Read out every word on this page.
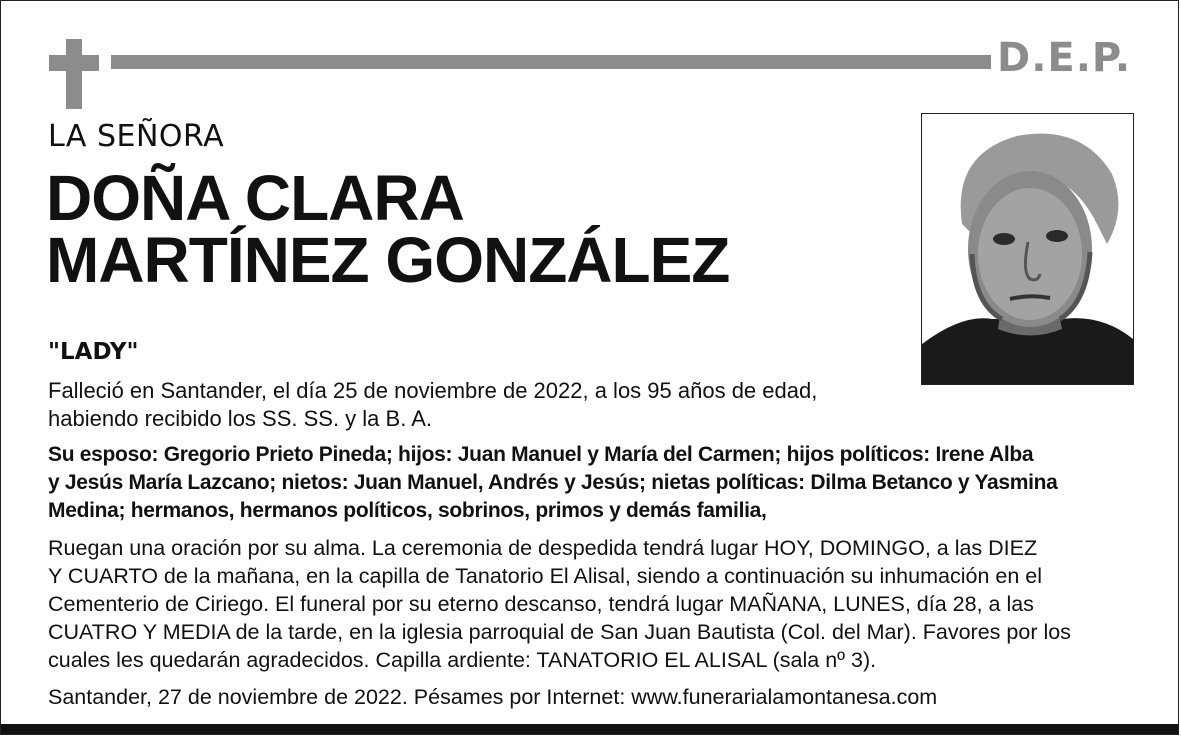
D.E.P.
LA SEÑORA
DOÑA CLARA
MARTÍNEZ GONZÁLEZ
"LADY"
Falleció en Santander, el día 25 de noviembre de 2022, a los 95 años de edad,
habiendo recibido los SS. SS. y la B. A.
Su esposo: Gregorio Prieto Pineda; hijos: Juan Manuel y María del Carmen; hijos políticos: Irene Alba
y Jesús María Lazcano; nietos: Juan Manuel, Andrés y Jesús; nietas políticas: Dilma Betanco y Yasmina
Medina; hermanos, hermanos políticos, sobrinos, primos y demás familia,
Ruegan una oración por su alma. La ceremonia de despedida tendrá lugar HOY, DOMINGO, a las DIEZ
Y CUARTO de la mañana, en la capilla de Tanatorio El Alisal, siendo a continuación su inhumación en el
Cementerio de Ciriego. El funeral por su eterno descanso, tendrá lugar MAÑANA, LUNES, día 28, a las
CUATRO Y MEDIA de la tarde, en la iglesia parroquial de San Juan Bautista (Col. del Mar). Favores por los
cuales les quedarán agradecidos. Capilla ardiente: TANATORIO EL ALISAL (sala nº 3).
Santander, 27 de noviembre de 2022. Pésames por Internet: www.funerarialamontanesa.com
